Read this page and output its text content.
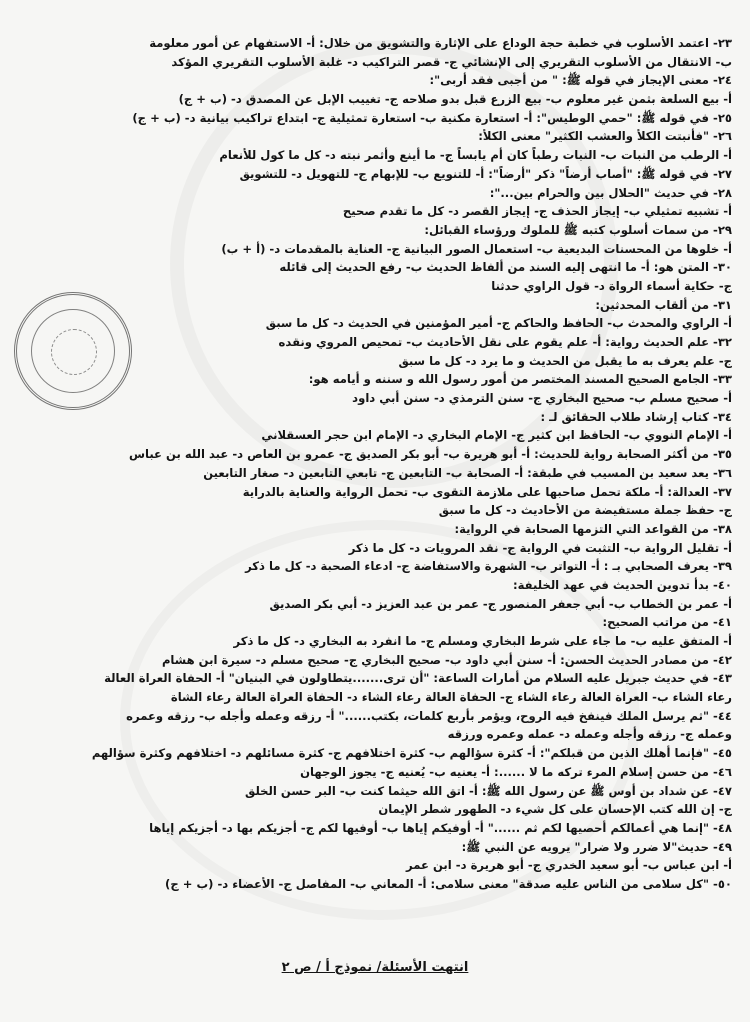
٢٣- اعتمد الأسلوب في خطبة حجة الوداع على الإثارة والتشويق من خلال: أ- الاستفهام عن أمور معلومة
ب- الانتقال من الأسلوب التقريري إلى الإنشائي ج- قصر التراكيب د- غلبة الأسلوب التقريري المؤكد
٢٤- معنى الإيجاز في قوله ﷺ: " من أجبى فقد أربى":
أ- بيع السلعة بثمن غير معلوم ب- بيع الزرع قبل بدو صلاحه ج- تغييب الإبل عن المصدق د- (ب + ج)
٢٥- في قوله ﷺ: "حمي الوطيس": أ- استعارة مكنية ب- استعارة تمثيلية ج- ابتداع تراكيب بيانية د- (ب + ج)
٢٦- "فأنبتت الكلأ والعشب الكثير" معنى الكلأ:
أ- الرطب من النبات ب- النبات رطباً كان أم يابساً ج- ما أينع وأثمر نبته د- كل ما كول للأنعام
٢٧- في قوله ﷺ: "أصاب أرضاً" ذكر "أرضاً": أ- للتنويع ب- للإبهام ج- للتهويل د- للتشويق
٢٨- في حديث "الحلال بين والحرام بين...":
أ- تشبيه تمثيلي ب- إيجاز الحذف ج- إيجاز القصر د- كل ما تقدم صحيح
٢٩- من سمات أسلوب كتبه ﷺ للملوك ورؤساء القبائل:
أ- خلوها من المحسنات البديعية ب- استعمال الصور البيانية ج- العناية بالمقدمات د- (أ + ب)
٣٠- المتن هو: أ- ما انتهى إليه السند من ألفاظ الحديث ب- رفع الحديث إلى قائله
ج- حكاية أسماء الرواة د- قول الراوي حدثنا
٣١- من ألقاب المحدثين:
أ- الراوي والمحدث ب- الحافظ والحاكم ج- أمير المؤمنين في الحديث د- كل ما سبق
٣٢- علم الحديث رواية: أ- علم يقوم على نقل الأحاديث ب- تمحيص المروي ونقده
ج- علم يعرف به ما يقبل من الحديث و ما يرد د- كل ما سبق
٣٣- الجامع الصحيح المسند المختصر من أمور رسول الله و سننه و أيامه هو:
أ- صحيح مسلم ب- صحيح البخاري ج- سنن الترمذي د- سنن أبي داود
٣٤- كتاب إرشاد طلاب الحقائق لـ :
أ- الإمام النووي ب- الحافظ ابن كثير ج- الإمام البخاري د- الإمام ابن حجر العسقلاني
٣٥- من أكثر الصحابة رواية للحديث: أ- أبو هريرة ب- أبو بكر الصديق ج- عمرو بن العاص د- عبد الله بن عباس
٣٦- يعد سعيد بن المسيب في طبقة: أ- الصحابة ب- التابعين ج- تابعي التابعين د- صغار التابعين
٣٧- العدالة: أ- ملكة تحمل صاحبها على ملازمة التقوى ب- تحمل الرواية والعناية بالدراية
ج- حفظ جملة مستفيضة من الأحاديث د- كل ما سبق
٣٨- من القواعد التي التزمها الصحابة في الرواية:
أ- تقليل الرواية ب- التثبت في الرواية ج- نقد المرويات د- كل ما ذكر
٣٩- يعرف الصحابي بـ : أ- التواتر ب- الشهرة والاستفاضة ج- ادعاء الصحبة د- كل ما ذكر
٤٠- بدأ تدوين الحديث في عهد الخليفة:
أ- عمر بن الخطاب ب- أبي جعفر المنصور ج- عمر بن عبد العزيز د- أبي بكر الصديق
٤١- من مراتب الصحيح:
أ- المتفق عليه ب- ما جاء على شرط البخاري ومسلم ج- ما انفرد به البخاري د- كل ما ذكر
٤٢- من مصادر الحديث الحسن: أ- سنن أبي داود ب- صحيح البخاري ج- صحيح مسلم د- سيرة ابن هشام
٤٣- في حديث جبريل عليه السلام من أمارات الساعة: "أن ترى.......يتطاولون في البنيان" أ- الحفاة العراة العالة
رعاء الشاء ب- العراة العالة رعاء الشاء ج- الحفاة العالة رعاء الشاء د- الحفاة العراة العالة رعاء الشاة
٤٤- "ثم يرسل الملك فينفخ فيه الروح، ويؤمر بأربع كلمات، بكتب......" أ- رزقه وعمله وأجله ب- رزقه وعمره
وعمله ج- رزقه وأجله وعمله د- عمله وعمره ورزقه
٤٥- "فإنما أهلك الذين من قبلكم": أ- كثرة سؤالهم ب- كثرة اختلافهم ج- كثرة مسائلهم د- اختلافهم وكثرة سؤالهم
٤٦- من حسن إسلام المرء تركه ما لا ......: أ- يعنيه ب- يُعنيه ج- يجوز الوجهان
٤٧- عن شداد بن أوس ﷺ عن رسول الله ﷺ: أ- اتق الله حيثما كنت ب- البر حسن الخلق
ج- إن الله كتب الإحسان على كل شيء د- الطهور شطر الإيمان
٤٨- "إنما هي أعمالكم أحصيها لكم ثم ......" أ- أوفيكم إياها ب- أوفيها لكم ج- أجزيكم بها د- أجزيكم إياها
٤٩- حديث"لا ضرر ولا ضرار" يرويه عن النبي ﷺ:
أ- ابن عباس ب- أبو سعيد الخدري ج- أبو هريرة د- ابن عمر
٥٠- "كل سلامى من الناس عليه صدقة" معنى سلامى: أ- المعاني ب- المفاصل ج- الأعضاء د- (ب + ج)
انتهت الأسئلة/ نموذج أ / ص ٢
